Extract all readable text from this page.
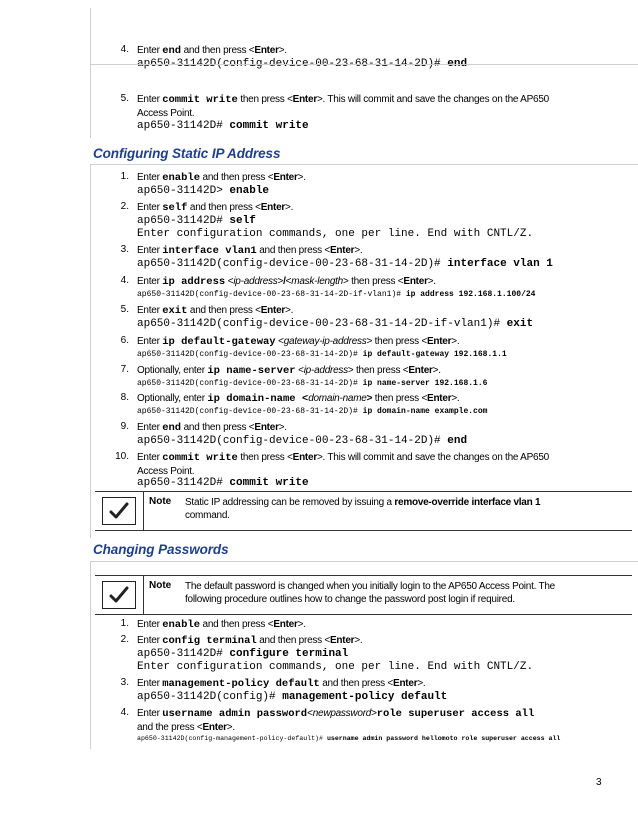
4. Enter end and then press <Enter>.
ap650-31142D(config-device-00-23-68-31-14-2D)# end
5. Enter commit write then press <Enter>. This will commit and save the changes on the AP650
Access Point.
ap650-31142D# commit write
Configuring Static IP Address
1. Enter enable and then press <Enter>.
ap650-31142D> enable
2. Enter self and then press <Enter>.
ap650-31142D# self
Enter configuration commands, one per line. End with CNTL/Z.
3. Enter interface vlan1 and then press <Enter>.
ap650-31142D(config-device-00-23-68-31-14-2D)# interface vlan 1
4. Enter ip address <ip-address>/<mask-length> then press <Enter>.
ap650-31142D(config-device-00-23-68-31-14-2D-if-vlan1)# ip address 192.168.1.100/24
5. Enter exit and then press <Enter>.
ap650-31142D(config-device-00-23-68-31-14-2D-if-vlan1)# exit
6. Enter ip default-gateway <gateway-ip-address> then press <Enter>.
ap650-31142D(config-device-00-23-68-31-14-2D)# ip default-gateway 192.168.1.1
7. Optionally, enter ip name-server <ip-address> then press <Enter>.
ap650-31142D(config-device-00-23-68-31-14-2D)# ip name-server 192.168.1.6
8. Optionally, enter ip domain-name <domain-name> then press <Enter>.
ap650-31142D(config-device-00-23-68-31-14-2D)# ip domain-name example.com
9. Enter end and then press <Enter>.
ap650-31142D(config-device-00-23-68-31-14-2D)# end
10. Enter commit write then press <Enter>. This will commit and save the changes on the AP650
Access Point.
ap650-31142D# commit write
Note Static IP addressing can be removed by issuing a remove-override interface vlan 1
command.
Changing Passwords
Note The default password is changed when you initially login to the AP650 Access Point. The
following procedure outlines how to change the password post login if required.
1. Enter enable and then press <Enter>.
2. Enter config terminal and then press <Enter>.
ap650-31142D# configure terminal
Enter configuration commands, one per line. End with CNTL/Z.
3. Enter management-policy default and then press <Enter>.
ap650-31142D(config)# management-policy default
4. Enter username admin password<newpassword>role superuser access all
and the press <Enter>.
ap650-31142D(config-management-policy-default)# username admin password hellomoto role superuser access all
3
